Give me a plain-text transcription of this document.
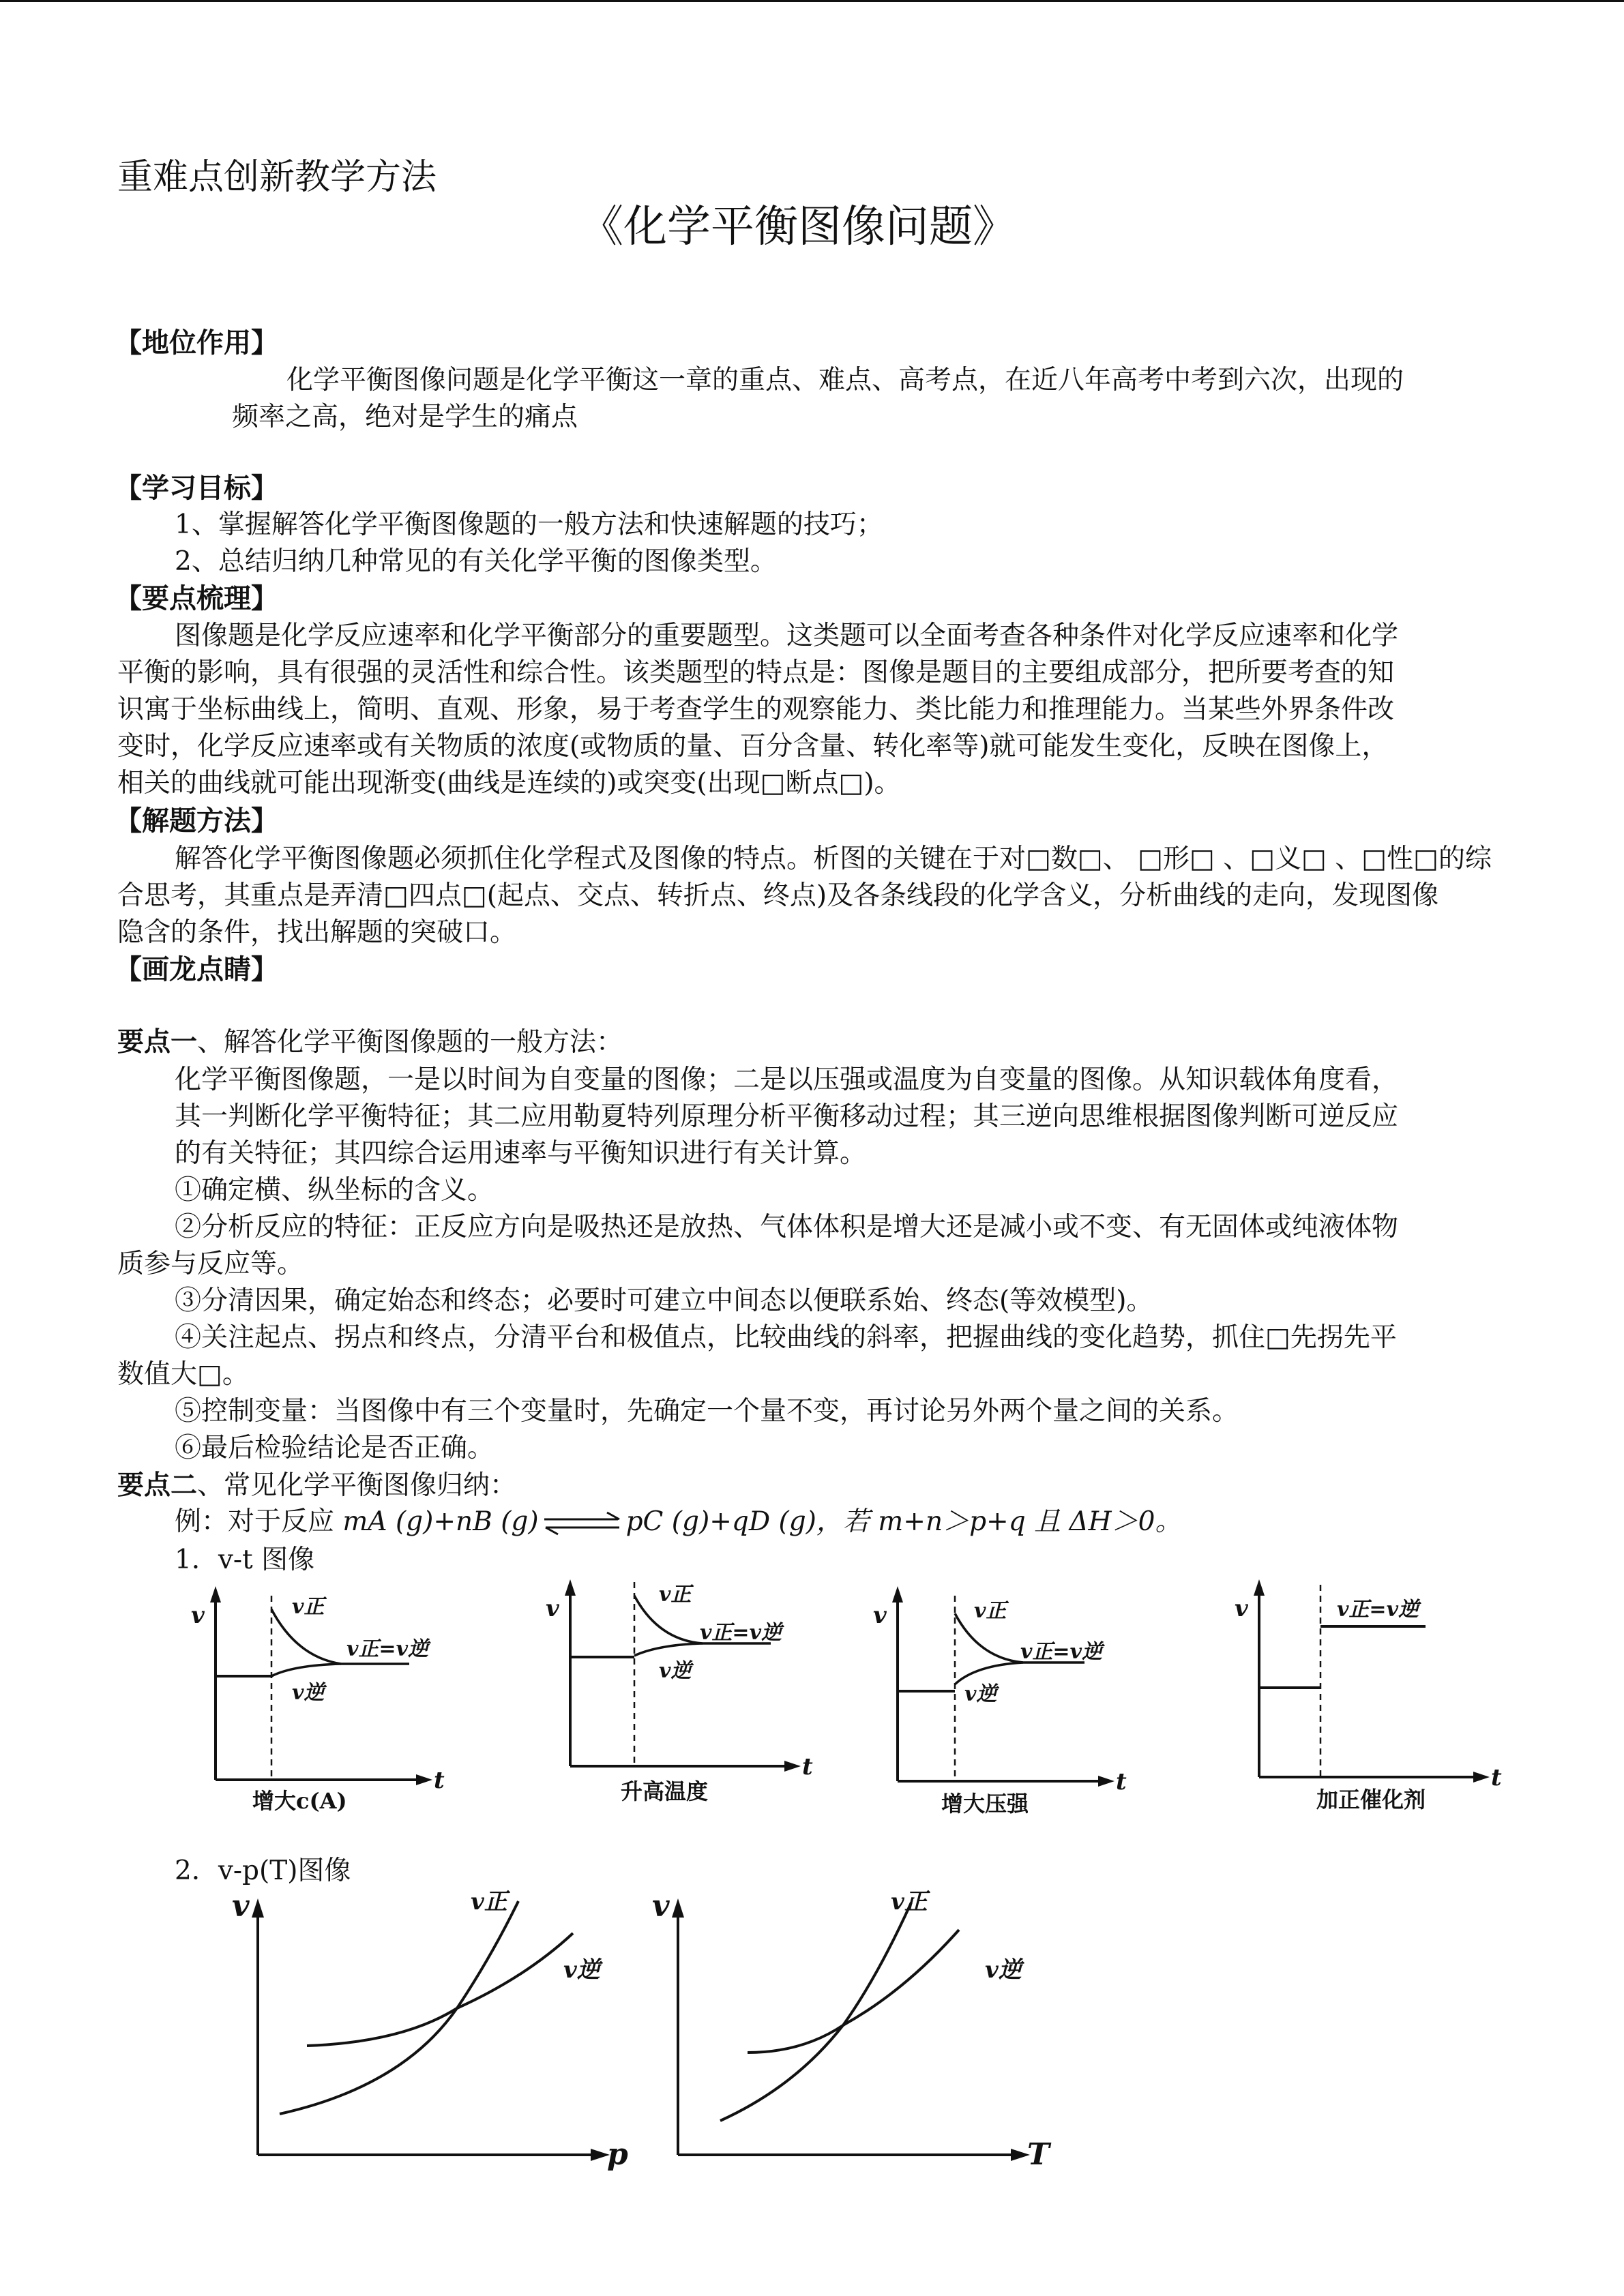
重难点创新教学方法
《化学平衡图像问题》
【地位作用】
化学平衡图像问题是化学平衡这一章的重点、难点、高考点，在近八年高考中考到六次，出现的
频率之高，绝对是学生的痛点
【学习目标】
1、掌握解答化学平衡图像题的一般方法和快速解题的技巧；
2、总结归纳几种常见的有关化学平衡的图像类型。
【要点梳理】
图像题是化学反应速率和化学平衡部分的重要题型。这类题可以全面考查各种条件对化学反应速率和化学
平衡的影响，具有很强的灵活性和综合性。该类题型的特点是：图像是题目的主要组成部分，把所要考查的知
识寓于坐标曲线上，简明、直观、形象，易于考查学生的观察能力、类比能力和推理能力。当某些外界条件改
变时，化学反应速率或有关物质的浓度(或物质的量、百分含量、转化率等)就可能发生变化，反映在图像上，
相关的曲线就可能出现渐变(曲线是连续的)或突变(出现□断点□)。
【解题方法】
解答化学平衡图像题必须抓住化学程式及图像的特点。析图的关键在于对□数□、 □形□ 、□义□ 、□性□的综
合思考，其重点是弄清□四点□(起点、交点、转折点、终点)及各条线段的化学含义，分析曲线的走向，发现图像
隐含的条件，找出解题的突破口。
【画龙点睛】
要点一、解答化学平衡图像题的一般方法：
化学平衡图像题，一是以时间为自变量的图像；二是以压强或温度为自变量的图像。从知识载体角度看，
其一判断化学平衡特征；其二应用勒夏特列原理分析平衡移动过程；其三逆向思维根据图像判断可逆反应
的有关特征；其四综合运用速率与平衡知识进行有关计算。
①确定横、纵坐标的含义。
②分析反应的特征：正反应方向是吸热还是放热、气体体积是增大还是减小或不变、有无固体或纯液体物
质参与反应等。
③分清因果，确定始态和终态；必要时可建立中间态以便联系始、终态(等效模型)。
④关注起点、拐点和终点，分清平台和极值点，比较曲线的斜率，把握曲线的变化趋势，抓住□先拐先平
数值大□。
⑤控制变量：当图像中有三个变量时，先确定一个量不变，再讨论另外两个量之间的关系。
⑥最后检验结论是否正确。
要点二、常见化学平衡图像归纳：
例：对于反应 mA (g)+nB (g) ⇌ pC (g)+qD (g)，若 m+n＞p+q 且 ΔH＞0。
1．v-t 图像
v
t
v正
v逆
v正=v逆
增大c(A)
v
t
v正
v逆
v正=v逆
升高温度
v
t
v正
v逆
v正=v逆
增大压强
v
t
v正=v逆
加正催化剂
2．v-p(T)图像
v
p
v正
v逆
v
T
v正
v逆
